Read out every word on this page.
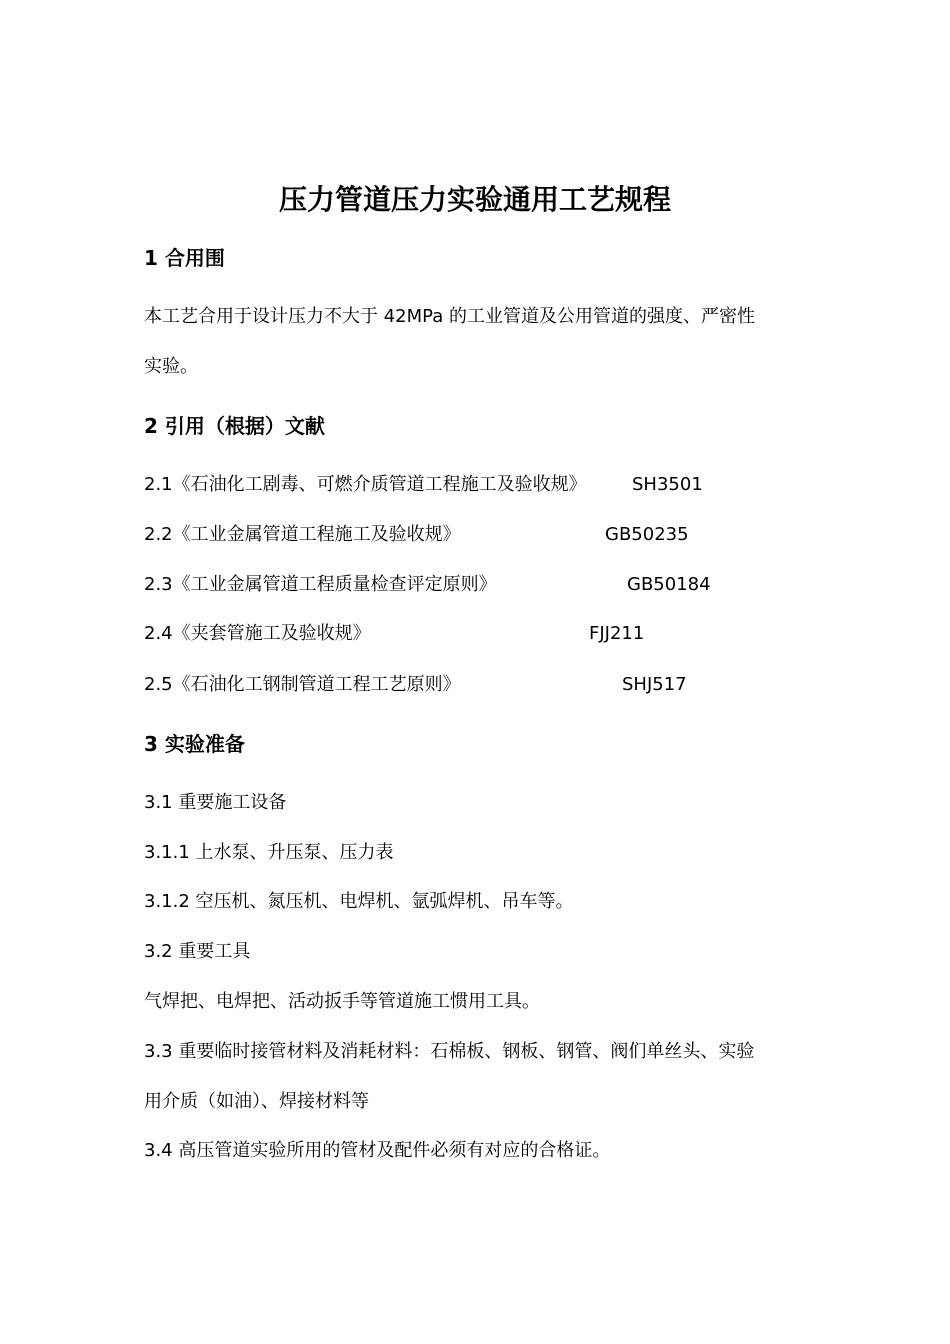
压力管道压力实验通用工艺规程
1 合用围
本工艺合用于设计压力不大于 42MPa 的工业管道及公用管道的强度、严密性
实验。
2 引用（根据）文献
2.1《石油化工剧毒、可燃介质管道工程施工及验收规》	SH3501
2.2《工业金属管道工程施工及验收规》	GB50235
2.3《工业金属管道工程质量检查评定原则》	GB50184
2.4《夹套管施工及验收规》	FJJ211
2.5《石油化工钢制管道工程工艺原则》	SHJ517
3 实验准备
3.1 重要施工设备
3.1.1 上水泵、升压泵、压力表
3.1.2 空压机、氮压机、电焊机、氩弧焊机、吊车等。
3.2 重要工具
气焊把、电焊把、活动扳手等管道施工惯用工具。
3.3 重要临时接管材料及消耗材料：石棉板、钢板、钢管、阀们单丝头、实验
用介质（如油）、焊接材料等
3.4 高压管道实验所用的管材及配件必须有对应的合格证。
